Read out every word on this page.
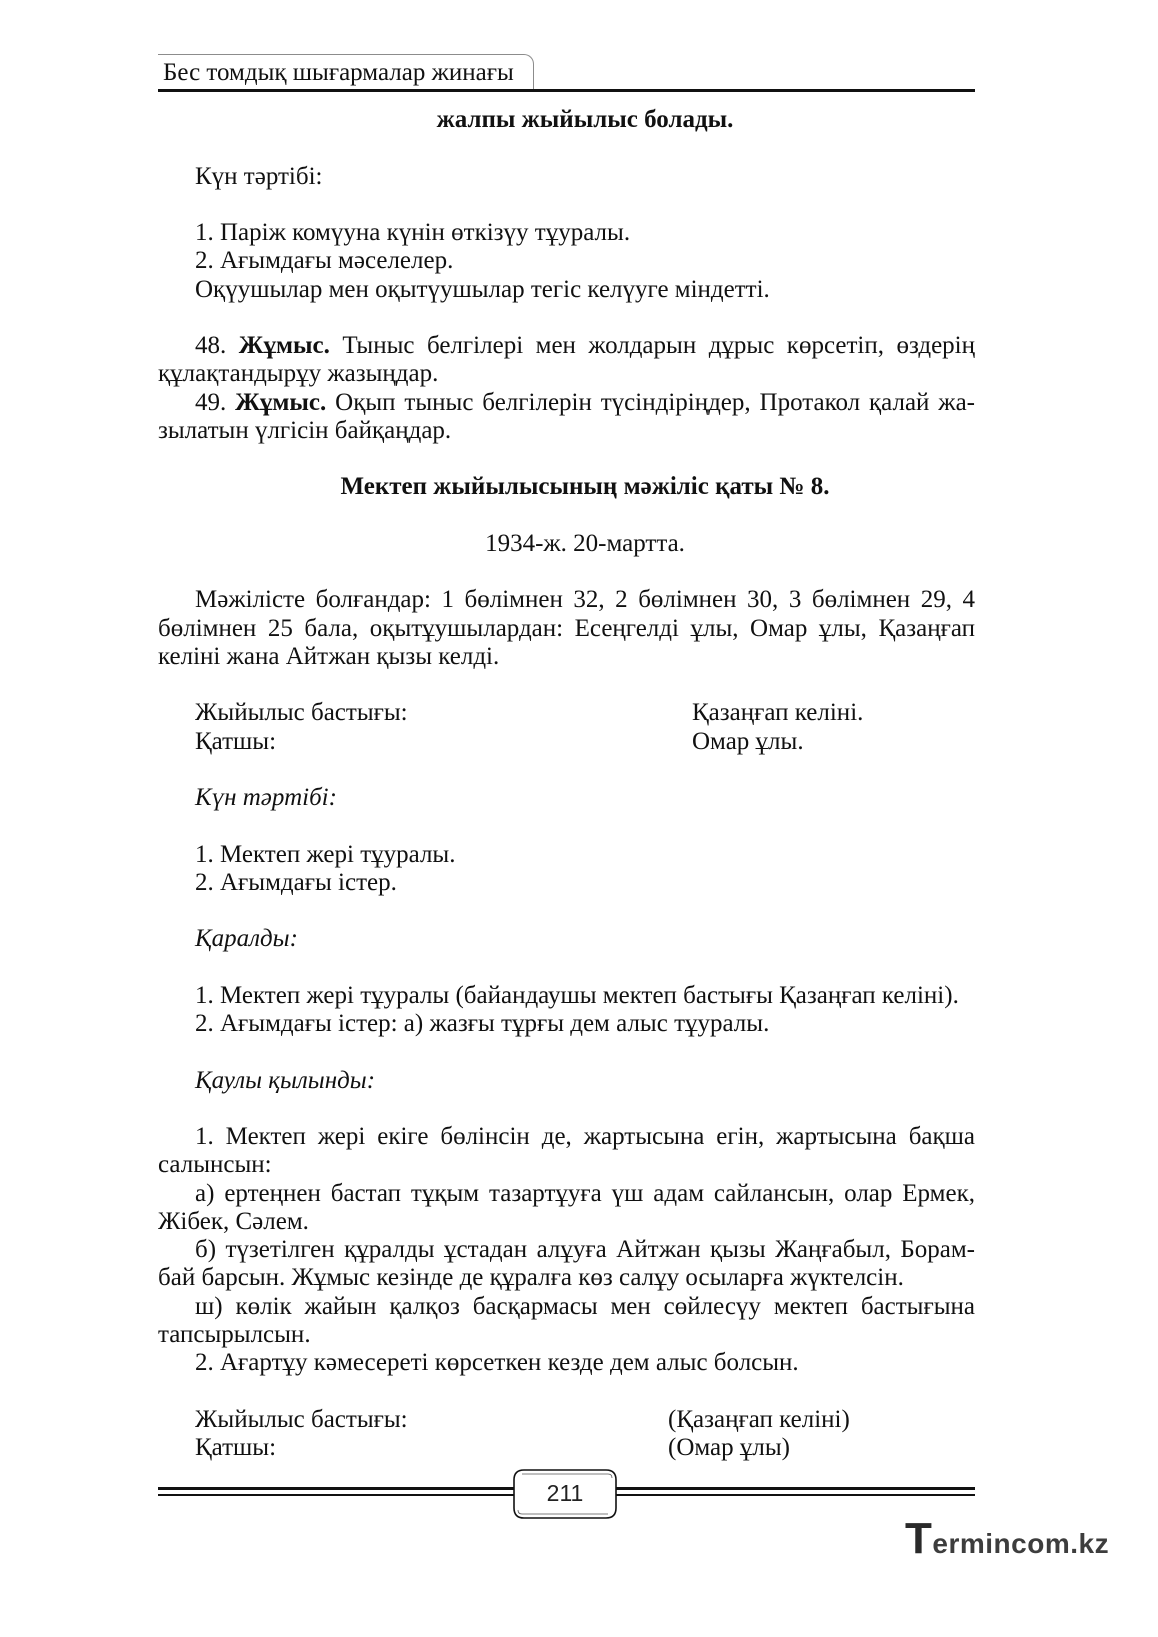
Бес томдық шығармалар жинағы
жалпы жыйылыс болады.
Күн тәртібі:
1. Паріж комүуна күнін өткізүу тұуралы.
2. Ағымдағы мәселелер.
Оқүушылар мен оқытүушылар тегіс келүуге міндетті.
48. Жұмыс. Тыныс белгілері мен жолдарын дұрыс көрсетіп, өздерің
құлақтандырұу жазыңдар.
49. Жұмыс. Оқып тыныс белгілерін түсіндіріңдер, Протакол қалай жа-
зылатын үлгісін байқаңдар.
Мектеп жыйылысының мәжіліс қаты № 8.
1934-ж. 20-мартта.
Мәжілісте болғандар: 1 бөлімнен 32, 2 бөлімнен 30, 3 бөлімнен 29, 4
бөлімнен 25 бала, оқытұушылардан: Есеңгелді ұлы, Омар ұлы, Қазаңғап
келіні жана Айтжан қызы келді.
Жыйылыс бастығы:	Қазаңғап келіні.
Қатшы:	Омар ұлы.
Күн тәртібі:
1. Мектеп жері тұуралы.
2. Ағымдағы істер.
Қаралды:
1. Мектеп жері тұуралы (байандаушы мектеп бастығы Қазаңғап келіні).
2. Ағымдағы істер: а) жазғы тұрғы дем алыс тұуралы.
Қаулы қылынды:
1. Мектеп жері екіге бөлінсін де, жартысына егін, жартысына бақша
салынсын:
а) ертеңнен бастап тұқым тазартұуға үш адам сайлансын, олар Ермек,
Жібек, Сәлем.
б) түзетілген құралды ұстадан алұуға Айтжан қызы Жаңғабыл, Борам-
бай барсын. Жұмыс кезінде де құралға көз салұу осыларға жүктелсін.
ш) көлік жайын қалқоз басқармасы мен сөйлесүу мектеп бастығына
тапсырылсын.
2. Ағартұу кәмесереті көрсеткен кезде дем алыс болсын.
Жыйылыс бастығы:	(Қазаңғап келіні)
Қатшы:	(Омар ұлы)
211
Termincom.kz
